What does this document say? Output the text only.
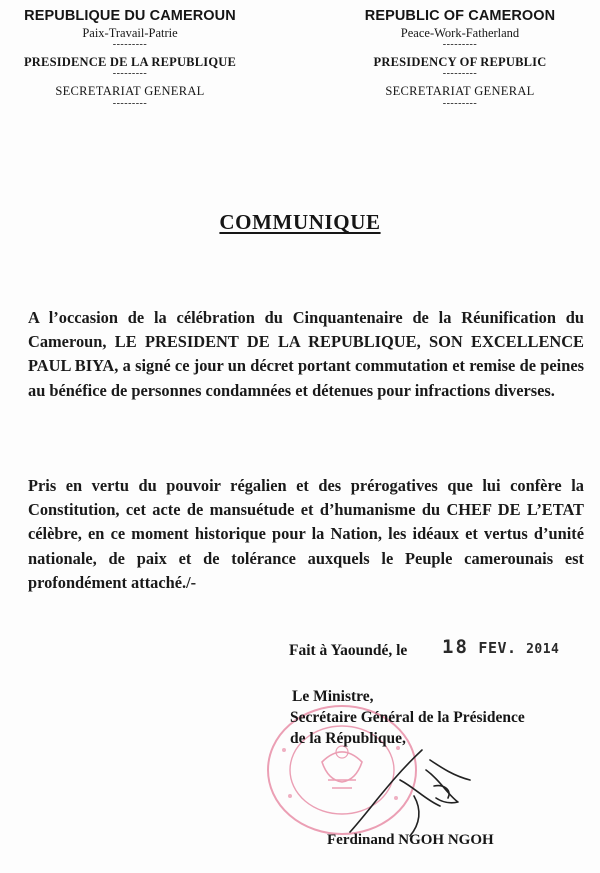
REPUBLIQUE DU CAMEROUN
Paix-Travail-Patrie
---------
PRESIDENCE DE LA REPUBLIQUE
---------
SECRETARIAT GENERAL
---------
REPUBLIC OF CAMEROON
Peace-Work-Fatherland
---------
PRESIDENCY OF REPUBLIC
---------
SECRETARIAT GENERAL
---------
COMMUNIQUE

A l’occasion de la célébration du Cinquantenaire de la Réunification du Cameroun, LE PRESIDENT DE LA REPUBLIQUE, SON EXCELLENCE PAUL BIYA, a signé ce jour un décret portant commutation et remise de peines au bénéfice de personnes condamnées et détenues pour infractions diverses.

Pris en vertu du pouvoir régalien et des prérogatives que lui confère la Constitution, cet acte de mansuétude et d’humanisme du CHEF DE L’ETAT célèbre, en ce moment historique pour la Nation, les idéaux et vertus d’unité nationale, de paix et de tolérance auxquels le Peuple camerounais est profondément attaché./-

Fait à Yaoundé, le 18 FEV. 2014
Le Ministre,
Secrétaire Général de la Présidence
de la République,
Ferdinand NGOH NGOH
